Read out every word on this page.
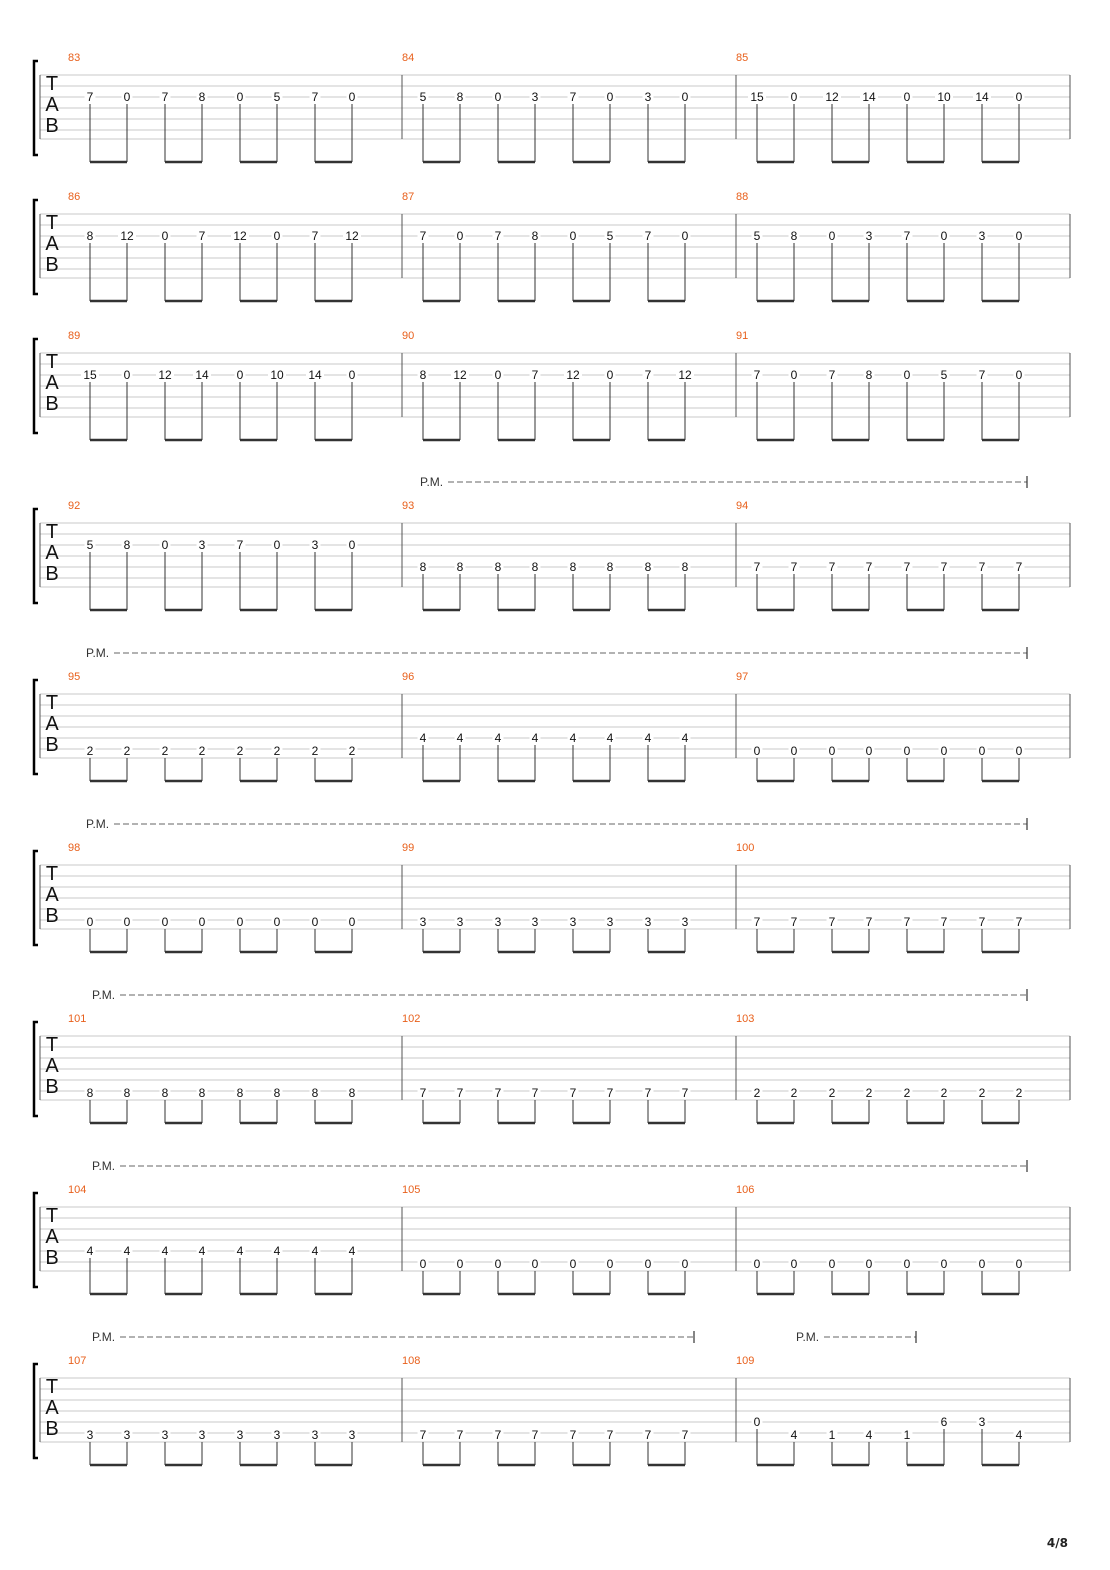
T
A
B
83
7	0	7	8	0	5	7	0
84
5	8	0	3	7	0	3	0
85
15 0 12 14 0 10 14 0
T
A
B
86
8 12 0	7 12 0	7 12
87
7	0	7	8	0	5	7	0
88
5	8	0	3	7	0	3	0
T
A
B
89
15 0 12 14 0 10 14 0
90
8 12 0	7 12 0	7 12
91
7	0	7	8	0	5	7	0
T
A
B
92
5	8	0	3	7	0	3	0
93
8	8	8	8	8	8	8	8
94
7	7	7	7	7	7	7	7
P.M.
T
A
B
95
2	2	2	2	2	2	2	2
96
4	4	4	4	4	4	4	4
97
0	0	0	0	0	0	0	0
P.M.
T
A
B
98
0	0	0	0	0	0	0	0
99
3	3	3	3	3	3	3	3
100
7	7	7	7	7	7	7	7
P.M.
T
A
B
101
8	8	8	8	8	8	8	8
102
7	7	7	7	7	7	7	7
103
2	2	2	2	2	2	2	2
P.M.
T
A
B
104
4	4	4	4	4	4	4	4
105
0	0	0	0	0	0	0	0
106
0	0	0	0	0	0	0	0
P.M.
T
A
B
107
3	3	3	3	3	3	3	3
108
7	7	7	7	7	7	7	7
109
0
4	1	4	1
6	3
4
P.M.	P.M.
4/8
